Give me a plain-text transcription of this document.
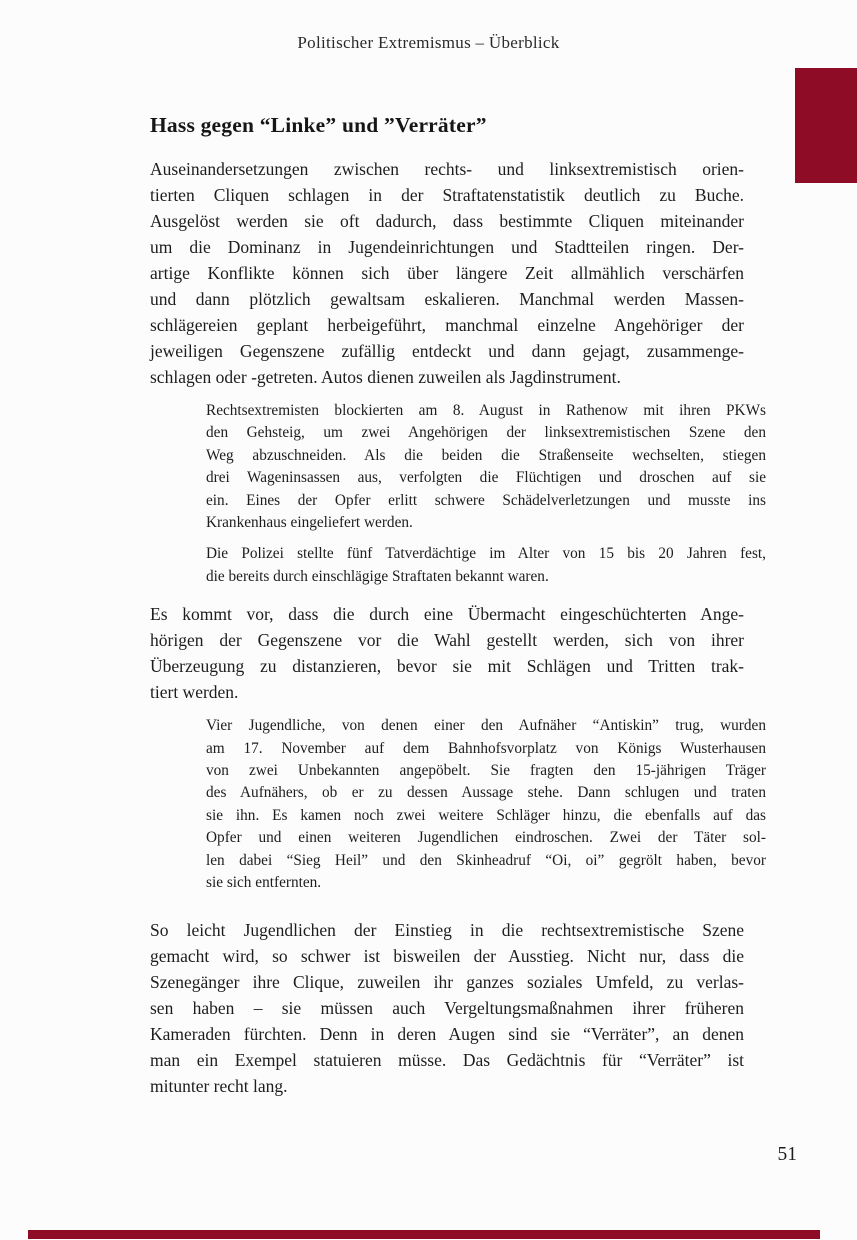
Politischer Extremismus – Überblick
Hass gegen “Linke” und ”Verräter”
Auseinandersetzungen zwischen rechts- und linksextremistisch orien-
tierten Cliquen schlagen in der Straftatenstatistik deutlich zu Buche.
Ausgelöst werden sie oft dadurch, dass bestimmte Cliquen miteinander
um die Dominanz in Jugendeinrichtungen und Stadtteilen ringen. Der-
artige Konflikte können sich über längere Zeit allmählich verschärfen
und dann plötzlich gewaltsam eskalieren. Manchmal werden Massen-
schlägereien geplant herbeigeführt, manchmal einzelne Angehöriger der
jeweiligen Gegenszene zufällig entdeckt und dann gejagt, zusammenge-
schlagen oder -getreten. Autos dienen zuweilen als Jagdinstrument.
Rechtsextremisten blockierten am 8. August in Rathenow mit ihren PKWs
den Gehsteig, um zwei Angehörigen der linksextremistischen Szene den
Weg abzuschneiden. Als die beiden die Straßenseite wechselten, stiegen
drei Wageninsassen aus, verfolgten die Flüchtigen und droschen auf sie
ein. Eines der Opfer erlitt schwere Schädelverletzungen und musste ins
Krankenhaus eingeliefert werden.
Die Polizei stellte fünf Tatverdächtige im Alter von 15 bis 20 Jahren fest,
die bereits durch einschlägige Straftaten bekannt waren.
Es kommt vor, dass die durch eine Übermacht eingeschüchterten Ange-
hörigen der Gegenszene vor die Wahl gestellt werden, sich von ihrer
Überzeugung zu distanzieren, bevor sie mit Schlägen und Tritten trak-
tiert werden.
Vier Jugendliche, von denen einer den Aufnäher “Antiskin” trug, wurden
am 17. November auf dem Bahnhofsvorplatz von Königs Wusterhausen
von zwei Unbekannten angepöbelt. Sie fragten den 15-jährigen Träger
des Aufnähers, ob er zu dessen Aussage stehe. Dann schlugen und traten
sie ihn. Es kamen noch zwei weitere Schläger hinzu, die ebenfalls auf das
Opfer und einen weiteren Jugendlichen eindroschen. Zwei der Täter sol-
len dabei “Sieg Heil” und den Skinheadruf “Oi, oi” gegrölt haben, bevor
sie sich entfernten.
So leicht Jugendlichen der Einstieg in die rechtsextremistische Szene
gemacht wird, so schwer ist bisweilen der Ausstieg. Nicht nur, dass die
Szenegänger ihre Clique, zuweilen ihr ganzes soziales Umfeld, zu verlas-
sen haben – sie müssen auch Vergeltungsmaßnahmen ihrer früheren
Kameraden fürchten. Denn in deren Augen sind sie “Verräter”, an denen
man ein Exempel statuieren müsse. Das Gedächtnis für “Verräter” ist
mitunter recht lang.
51
